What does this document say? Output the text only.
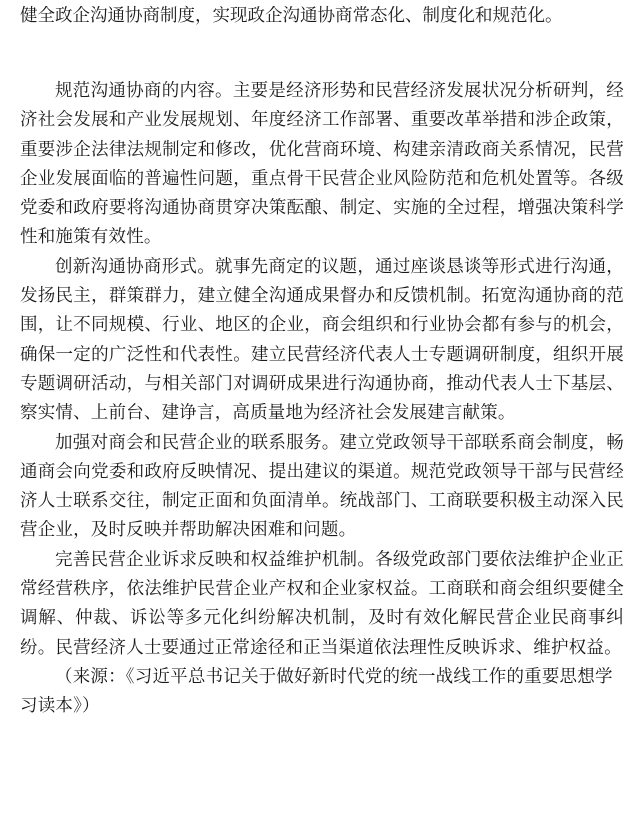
健全政企沟通协商制度，实现政企沟通协商常态化、制度化和规范化。

规范沟通协商的内容。主要是经济形势和民营经济发展状况分析研判，经济社会发展和产业发展规划、年度经济工作部署、重要改革举措和涉企政策，重要涉企法律法规制定和修改，优化营商环境、构建亲清政商关系情况，民营企业发展面临的普遍性问题，重点骨干民营企业风险防范和危机处置等。各级党委和政府要将沟通协商贯穿决策酝酿、制定、实施的全过程，增强决策科学性和施策有效性。

创新沟通协商形式。就事先商定的议题，通过座谈恳谈等形式进行沟通，发扬民主，群策群力，建立健全沟通成果督办和反馈机制。拓宽沟通协商的范围，让不同规模、行业、地区的企业，商会组织和行业协会都有参与的机会，确保一定的广泛性和代表性。建立民营经济代表人士专题调研制度，组织开展专题调研活动，与相关部门对调研成果进行沟通协商，推动代表人士下基层、察实情、上前台、建诤言，高质量地为经济社会发展建言献策。

加强对商会和民营企业的联系服务。建立党政领导干部联系商会制度，畅通商会向党委和政府反映情况、提出建议的渠道。规范党政领导干部与民营经济人士联系交往，制定正面和负面清单。统战部门、工商联要积极主动深入民营企业，及时反映并帮助解决困难和问题。

完善民营企业诉求反映和权益维护机制。各级党政部门要依法维护企业正常经营秩序，依法维护民营企业产权和企业家权益。工商联和商会组织要健全调解、仲裁、诉讼等多元化纠纷解决机制，及时有效化解民营企业民商事纠纷。民营经济人士要通过正常途径和正当渠道依法理性反映诉求、维护权益。

（来源：《习近平总书记关于做好新时代党的统一战线工作的重要思想学习读本》）
